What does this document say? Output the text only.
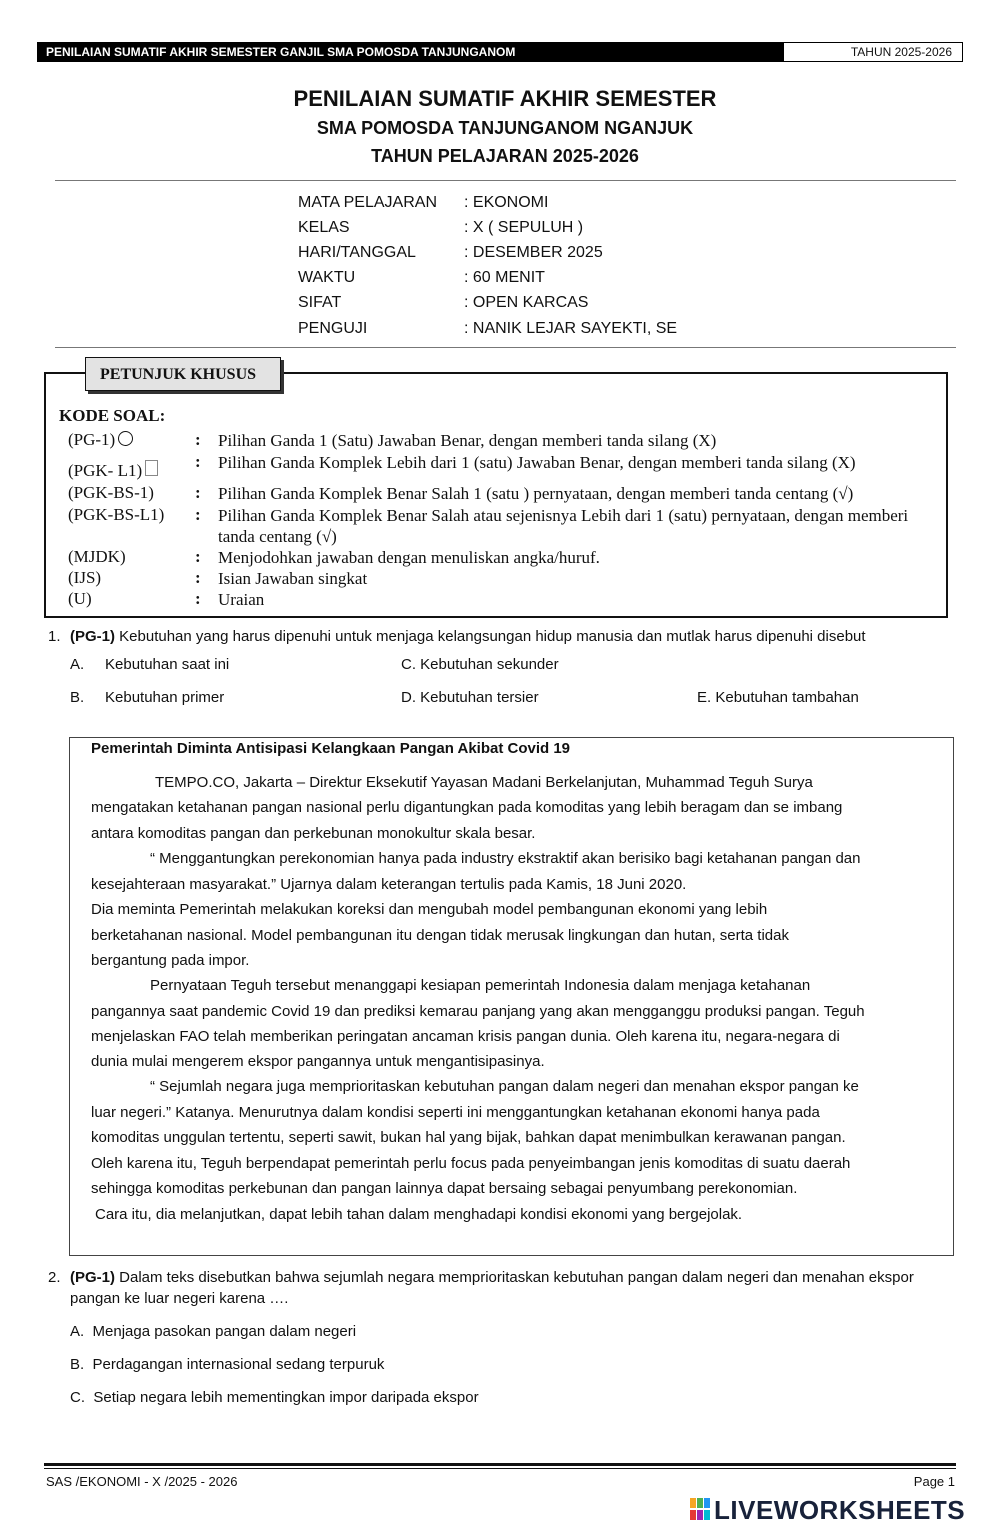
PENILAIAN SUMATIF AKHIR SEMESTER GANJIL SMA POMOSDA TANJUNGANOM	TAHUN 2025-2026
PENILAIAN SUMATIF AKHIR SEMESTER
SMA POMOSDA TANJUNGANOM NGANJUK
TAHUN PELAJARAN 2025-2026
MATA PELAJARAN : EKONOMI
KELAS	: X ( SEPULUH )
HARI/TANGGAL	: DESEMBER 2025
WAKTU	: 60 MENIT
SIFAT	: OPEN KARCAS
PENGUJI	: NANIK LEJAR SAYEKTI, SE
PETUNJUK KHUSUS
KODE SOAL:
(PG-1)	: Pilihan Ganda 1 (Satu) Jawaban Benar, dengan memberi tanda silang (X)
(PGK- L1)	: Pilihan Ganda Komplek Lebih dari 1 (satu) Jawaban Benar, dengan memberi tanda silang (X)
(PGK-BS-1) : Pilihan Ganda Komplek Benar Salah 1 (satu ) pernyataan, dengan memberi tanda centang (√)
(PGK-BS-L1) : Pilihan Ganda Komplek Benar Salah atau sejenisnya Lebih dari 1 (satu) pernyataan, dengan memberi tanda centang (√)
(MJDK)	: Menjodohkan jawaban dengan menuliskan angka/huruf.
(IJS)	: Isian Jawaban singkat
(U)	: Uraian
1. (PG-1) Kebutuhan yang harus dipenuhi untuk menjaga kelangsungan hidup manusia dan mutlak harus dipenuhi disebut
A. Kebutuhan saat ini	C. Kebutuhan sekunder
B. Kebutuhan primer	D. Kebutuhan tersier	E. Kebutuhan tambahan
Pemerintah Diminta Antisipasi Kelangkaan Pangan Akibat Covid 19
TEMPO.CO, Jakarta – Direktur Eksekutif Yayasan Madani Berkelanjutan, Muhammad Teguh Surya
mengatakan ketahanan pangan nasional perlu digantungkan pada komoditas yang lebih beragam dan se imbang
antara komoditas pangan dan perkebunan monokultur skala besar.
“ Menggantungkan perekonomian hanya pada industry ekstraktif akan berisiko bagi ketahanan pangan dan
kesejahteraan masyarakat.” Ujarnya dalam keterangan tertulis pada Kamis, 18 Juni 2020.
Dia meminta Pemerintah melakukan koreksi dan mengubah model pembangunan ekonomi yang lebih
berketahanan nasional. Model pembangunan itu dengan tidak merusak lingkungan dan hutan, serta tidak
bergantung pada impor.
Pernyataan Teguh tersebut menanggapi kesiapan pemerintah Indonesia dalam menjaga ketahanan
pangannya saat pandemic Covid 19 dan prediksi kemarau panjang yang akan mengganggu produksi pangan. Teguh
menjelaskan FAO telah memberikan peringatan ancaman krisis pangan dunia. Oleh karena itu, negara-negara di
dunia mulai mengerem ekspor pangannya untuk mengantisipasinya.
“ Sejumlah negara juga memprioritaskan kebutuhan pangan dalam negeri dan menahan ekspor pangan ke
luar negeri.” Katanya. Menurutnya dalam kondisi seperti ini menggantungkan ketahanan ekonomi hanya pada
komoditas unggulan tertentu, seperti sawit, bukan hal yang bijak, bahkan dapat menimbulkan kerawanan pangan.
Oleh karena itu, Teguh berpendapat pemerintah perlu focus pada penyeimbangan jenis komoditas di suatu daerah
sehingga komoditas perkebunan dan pangan lainnya dapat bersaing sebagai penyumbang perekonomian.
Cara itu, dia melanjutkan, dapat lebih tahan dalam menghadapi kondisi ekonomi yang bergejolak.
2. (PG-1) Dalam teks disebutkan bahwa sejumlah negara memprioritaskan kebutuhan pangan dalam negeri dan menahan ekspor pangan ke luar negeri karena ….
A. Menjaga pasokan pangan dalam negeri
B. Perdagangan internasional sedang terpuruk
C. Setiap negara lebih mementingkan impor daripada ekspor
SAS /EKONOMI - X /2025 - 2026	Page 1
LIVEWORKSHEETS
